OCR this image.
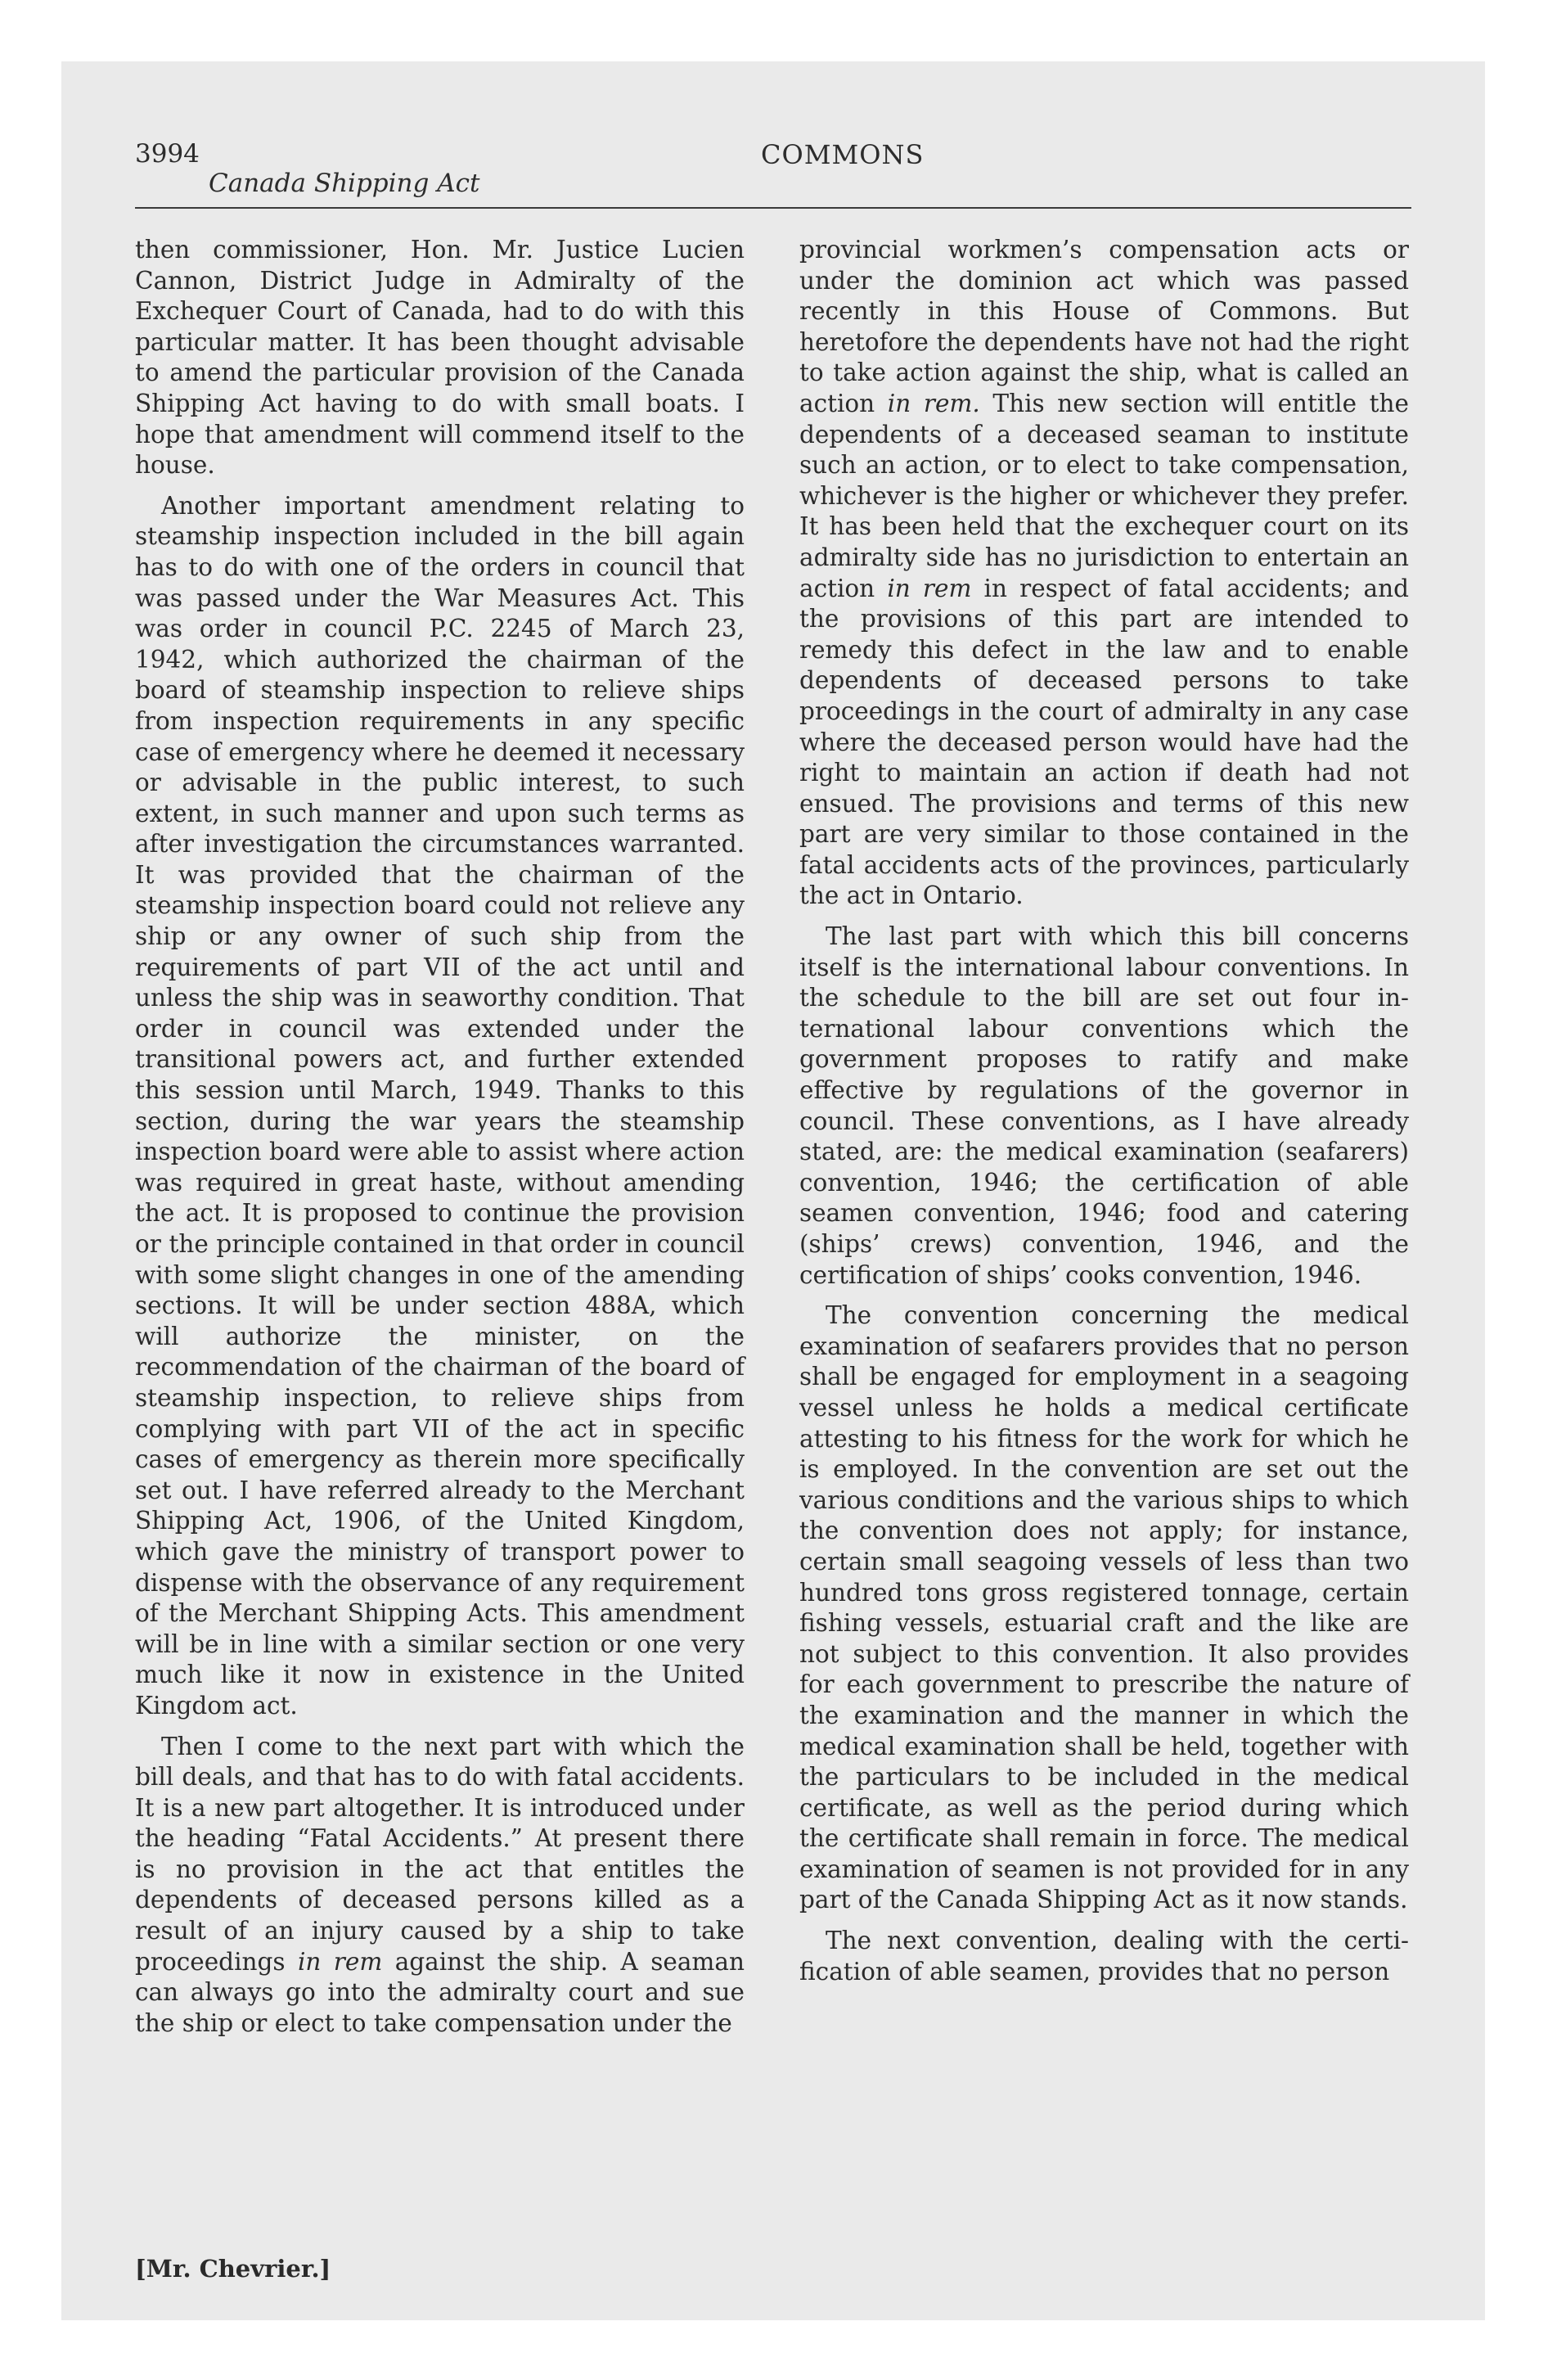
3994
Canada Shipping Act
COMMONS

then commissioner, Hon. Mr. Justice Lucien Cannon, District Judge in Admiralty of the Exchequer Court of Canada, had to do with this particular matter. It has been thought advisable to amend the particular provision of the Canada Shipping Act having to do with small boats. I hope that amendment will commend itself to the house.

Another important amendment relating to steamship inspection included in the bill again has to do with one of the orders in council that was passed under the War Measures Act. This was order in council P.C. 2245 of March 23, 1942, which authorized the chairman of the board of steamship inspection to relieve ships from inspection requirements in any specific case of emergency where he deemed it necessary or advisable in the public interest, to such extent, in such manner and upon such terms as after investigation the circumstances warranted. It was provided that the chairman of the steamship inspection board could not relieve any ship or any owner of such ship from the requirements of part VII of the act until and unless the ship was in seaworthy condition. That order in council was extended under the transitional powers act, and further extended this session until March, 1949. Thanks to this section, during the war years the steamship inspection board were able to assist where action was required in great haste, without amending the act. It is proposed to continue the provision or the principle contained in that order in council with some slight changes in one of the amending sections. It will be under section 488A, which will authorize the minister, on the recommendation of the chairman of the board of steamship inspection, to relieve ships from complying with part VII of the act in specific cases of emergency as therein more specifically set out. I have referred already to the Merchant Shipping Act, 1906, of the United Kingdom, which gave the ministry of transport power to dispense with the observance of any requirement of the Merchant Shipping Acts. This amendment will be in line with a similar section or one very much like it now in existence in the United Kingdom act.

Then I come to the next part with which the bill deals, and that has to do with fatal accidents. It is a new part altogether. It is introduced under the heading “Fatal Accidents.” At present there is no provision in the act that entitles the dependents of deceased persons killed as a result of an injury caused by a ship to take proceedings in rem against the ship. A seaman can always go into the admiralty court and sue the ship or elect to take compensation under the

provincial workmen’s compensation acts or under the dominion act which was passed recently in this House of Commons. But heretofore the dependents have not had the right to take action against the ship, what is called an action in rem. This new section will entitle the dependents of a deceased seaman to institute such an action, or to elect to take compensation, whichever is the higher or whichever they prefer. It has been held that the exchequer court on its admiralty side has no jurisdiction to entertain an action in rem in respect of fatal accidents; and the provisions of this part are intended to remedy this defect in the law and to enable dependents of deceased persons to take proceedings in the court of admiralty in any case where the deceased person would have had the right to maintain an action if death had not ensued. The provisions and terms of this new part are very similar to those contained in the fatal accidents acts of the provinces, particularly the act in Ontario.

The last part with which this bill concerns itself is the international labour conventions. In the schedule to the bill are set out four international labour conventions which the government proposes to ratify and make effective by regulations of the governor in council. These conventions, as I have already stated, are: the medical examination (seafarers) convention, 1946; the certification of able seamen convention, 1946; food and catering (ships’ crews) convention, 1946, and the certification of ships’ cooks convention, 1946.

The convention concerning the medical examination of seafarers provides that no person shall be engaged for employment in a seagoing vessel unless he holds a medical certificate attesting to his fitness for the work for which he is employed. In the convention are set out the various conditions and the various ships to which the convention does not apply; for instance, certain small seagoing vessels of less than two hundred tons gross registered tonnage, certain fishing vessels, estuarial craft and the like are not subject to this convention. It also provides for each government to prescribe the nature of the examination and the manner in which the medical examination shall be held, together with the particulars to be included in the medical certificate, as well as the period during which the certificate shall remain in force. The medical examination of seamen is not provided for in any part of the Canada Shipping Act as it now stands.

The next convention, dealing with the certification of able seamen, provides that no person

[Mr. Chevrier.]
